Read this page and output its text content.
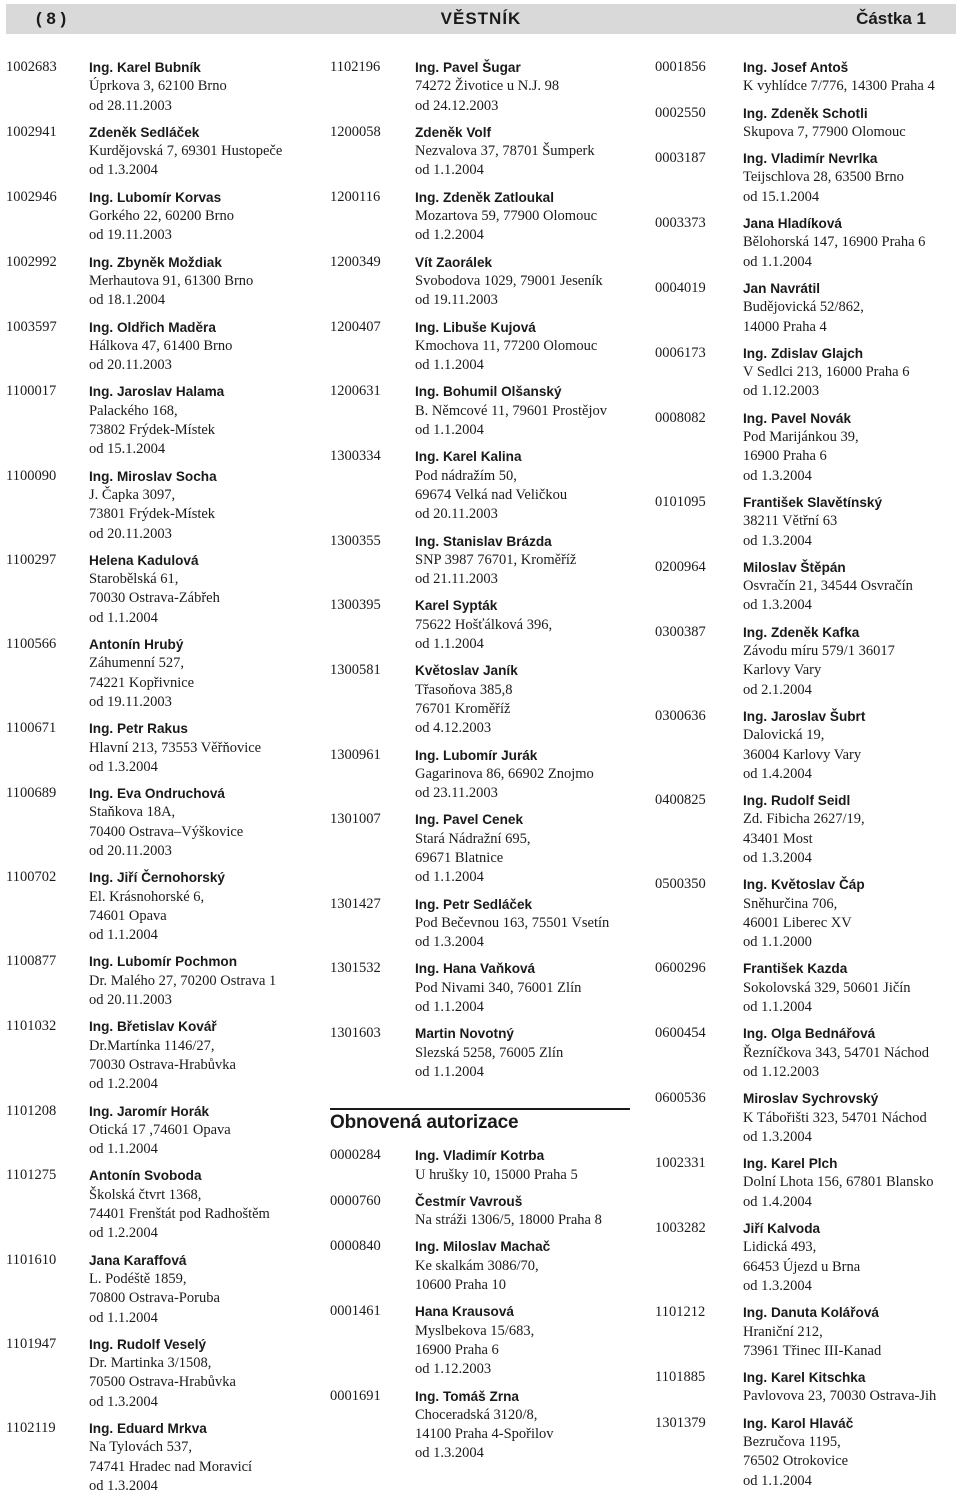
( 8 )	VĚSTNÍK	Částka 1
1002683	Ing. Karel Bubník
Úprkova 3, 62100 Brno
od 28.11.2003
1002941	Zdeněk Sedláček
Kurdějovská 7, 69301 Hustopeče
od 1.3.2004
1002946	Ing. Lubomír Korvas
Gorkého 22, 60200 Brno
od 19.11.2003
1002992	Ing. Zbyněk Moždiak
Merhautova 91, 61300 Brno
od 18.1.2004
1003597	Ing. Oldřich Maděra
Hálkova 47, 61400 Brno
od 20.11.2003
1100017	Ing. Jaroslav Halama
Palackého 168,
73802 Frýdek-Místek
od 15.1.2004
1100090	Ing. Miroslav Socha
J. Čapka 3097,
73801 Frýdek-Místek
od 20.11.2003
1100297	Helena Kadulová
Starobělská 61,
70030 Ostrava-Zábřeh
od 1.1.2004
1100566	Antonín Hrubý
Záhumenní 527,
74221 Kopřivnice
od 19.11.2003
1100671	Ing. Petr Rakus
Hlavní 213, 73553 Věřňovice
od 1.3.2004
1100689	Ing. Eva Ondruchová
Staňkova 18A,
70400 Ostrava–Výškovice
od 20.11.2003
1100702	Ing. Jiří Černohorský
El. Krásnohorské 6,
74601 Opava
od 1.1.2004
1100877	Ing. Lubomír Pochmon
Dr. Malého 27, 70200 Ostrava 1
od 20.11.2003
1101032	Ing. Břetislav Kovář
Dr.Martínka 1146/27,
70030 Ostrava-Hrabůvka
od 1.2.2004
1101208	Ing. Jaromír Horák
Otická 17 ,74601 Opava
od 1.1.2004
1101275	Antonín Svoboda
Školská čtvrt 1368,
74401 Frenštát pod Radhoštěm
od 1.2.2004
1101610	Jana Karaffová
L. Podéště 1859,
70800 Ostrava-Poruba
od 1.1.2004
1101947	Ing. Rudolf Veselý
Dr. Martinka 3/1508,
70500 Ostrava-Hrabůvka
od 1.3.2004
1102119	Ing. Eduard Mrkva
Na Tylovách 537,
74741 Hradec nad Moravicí
od 1.3.2004
1102196	Ing. Pavel Šugar
74272 Životice u N.J. 98
od 24.12.2003
1200058	Zdeněk Volf
Nezvalova 37, 78701 Šumperk
od 1.1.2004
1200116	Ing. Zdeněk Zatloukal
Mozartova 59, 77900 Olomouc
od 1.2.2004
1200349	Vít Zaorálek
Svobodova 1029, 79001 Jeseník
od 19.11.2003
1200407	Ing. Libuše Kujová
Kmochova 11, 77200 Olomouc
od 1.1.2004
1200631	Ing. Bohumil Olšanský
B. Němcové 11, 79601 Prostějov
od 1.1.2004
1300334	Ing. Karel Kalina
Pod nádražím 50,
69674 Velká nad Veličkou
od 20.11.2003
1300355	Ing. Stanislav Brázda
SNP 3987 76701, Kroměříž
od 21.11.2003
1300395	Karel Sypták
75622 Hošťálková 396,
od 1.1.2004
1300581	Květoslav Janík
Třasoňova 385,8
76701 Kroměříž
od 4.12.2003
1300961	Ing. Lubomír Jurák
Gagarinova 86, 66902 Znojmo
od 23.11.2003
1301007	Ing. Pavel Cenek
Stará Nádražní 695,
69671 Blatnice
od 1.1.2004
1301427	Ing. Petr Sedláček
Pod Bečevnou 163, 75501 Vsetín
od 1.3.2004
1301532	Ing. Hana Vaňková
Pod Nivami 340, 76001 Zlín
od 1.1.2004
1301603	Martin Novotný
Slezská 5258, 76005 Zlín
od 1.1.2004
Obnovená autorizace
0000284	Ing. Vladimír Kotrba
U hrušky 10, 15000 Praha 5
0000760	Čestmír Vavrouš
Na stráži 1306/5, 18000 Praha 8
0000840	Ing. Miloslav Machač
Ke skalkám 3086/70,
10600 Praha 10
0001461	Hana Krausová
Myslbekova 15/683,
16900 Praha 6
od 1.12.2003
0001691	Ing. Tomáš Zrna
Choceradská 3120/8,
14100 Praha 4-Spořilov
od 1.3.2004
0001856	Ing. Josef Antoš
K vyhlídce 7/776, 14300 Praha 4
0002550	Ing. Zdeněk Schotli
Skupova 7, 77900 Olomouc
0003187	Ing. Vladimír Nevrlka
Teijschlova 28, 63500 Brno
od 15.1.2004
0003373	Jana Hladíková
Bělohorská 147, 16900 Praha 6
od 1.1.2004
0004019	Jan Navrátil
Budějovická 52/862,
14000 Praha 4
0006173	Ing. Zdislav Glajch
V Sedlci 213, 16000 Praha 6
od 1.12.2003
0008082	Ing. Pavel Novák
Pod Marijánkou 39,
16900 Praha 6
od 1.3.2004
0101095	František Slavětínský
38211 Větřní 63
od 1.3.2004
0200964	Miloslav Štěpán
Osvračín 21, 34544 Osvračín
od 1.3.2004
0300387	Ing. Zdeněk Kafka
Závodu míru 579/1 36017
Karlovy Vary
od 2.1.2004
0300636	Ing. Jaroslav Šubrt
Dalovická 19,
36004 Karlovy Vary
od 1.4.2004
0400825	Ing. Rudolf Seidl
Zd. Fibicha 2627/19,
43401 Most
od 1.3.2004
0500350	Ing. Květoslav Čáp
Sněhurčina 706,
46001 Liberec XV
od 1.1.2000
0600296	František Kazda
Sokolovská 329, 50601 Jičín
od 1.1.2004
0600454	Ing. Olga Bednářová
Řezníčkova 343, 54701 Náchod
od 1.12.2003
0600536	Miroslav Sychrovský
K Tábořišti 323, 54701 Náchod
od 1.3.2004
1002331	Ing. Karel Plch
Dolní Lhota 156, 67801 Blansko
od 1.4.2004
1003282	Jiří Kalvoda
Lidická 493,
66453 Újezd u Brna
od 1.3.2004
1101212	Ing. Danuta Kolářová
Hraniční 212,
73961 Třinec III-Kanad
1101885	Ing. Karel Kitschka
Pavlovova 23, 70030 Ostrava-Jih
1301379	Ing. Karol Hlaváč
Bezručova 1195,
76502 Otrokovice
od 1.1.2004
